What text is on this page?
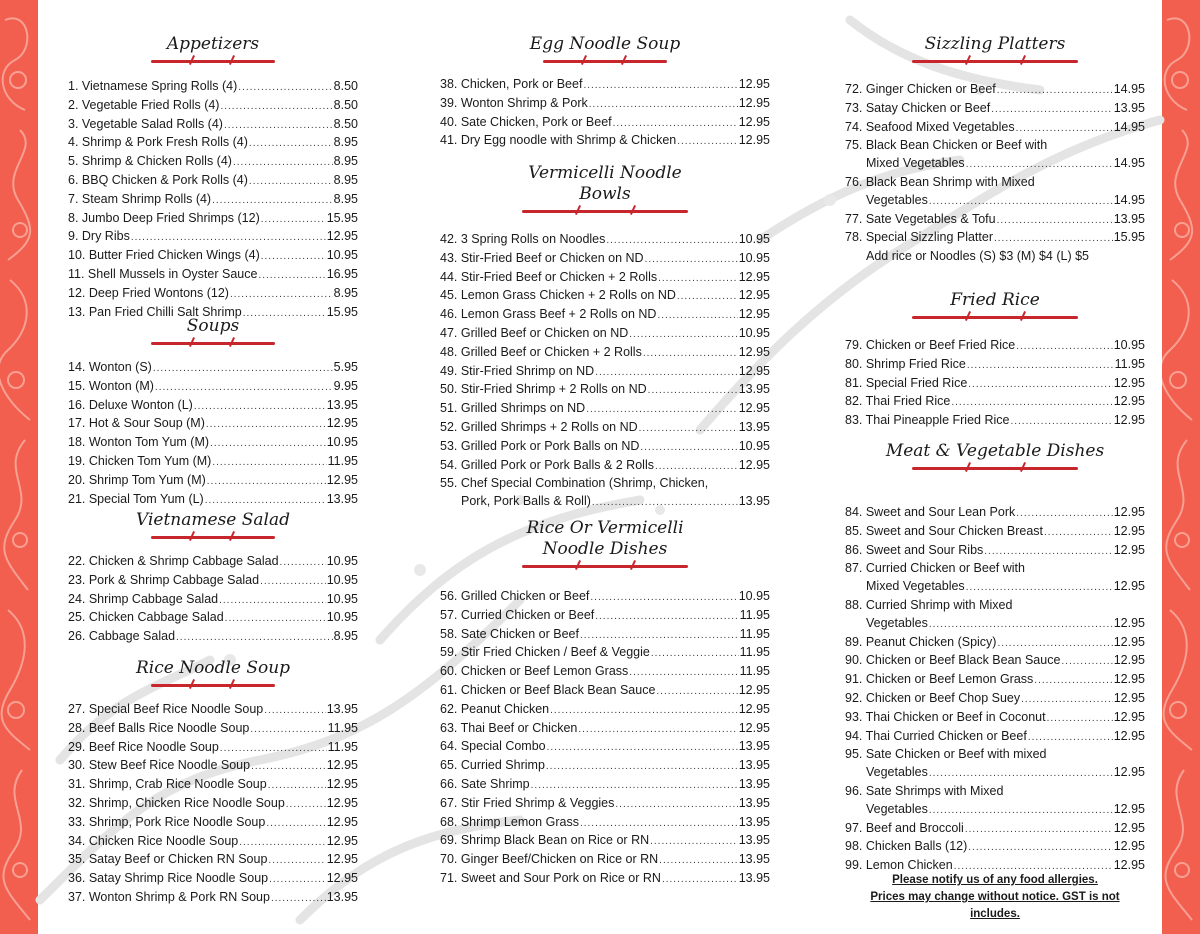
Appetizers
1. Vietnamese Spring Rolls (4) .....	8.50
2. Vegetable Fried Rolls (4) .....	8.50
3. Vegetable Salad Rolls (4) .....	8.50
4. Shrimp & Pork Fresh Rolls (4) .....	8.95
5. Shrimp & Chicken Rolls (4) .....	8.95
6. BBQ Chicken & Pork Rolls (4) .....	8.95
7. Steam Shrimp Rolls (4) .....	8.95
8. Jumbo Deep Fried Shrimps (12) .....	15.95
9. Dry Ribs .....	12.95
10. Butter Fried Chicken Wings (4) .....	10.95
11. Shell Mussels in Oyster Sauce .....	16.95
12. Deep Fried Wontons (12) .....	8.95
13. Pan Fried Chilli Salt Shrimp .....	15.95
Soups
14. Wonton (S) .....	5.95
15. Wonton (M) .....	9.95
16. Deluxe Wonton (L) .....	13.95
17. Hot & Sour Soup (M) .....	12.95
18. Wonton Tom Yum (M) .....	10.95
19. Chicken Tom Yum (M) .....	11.95
20. Shrimp Tom Yum (M) .....	12.95
21. Special Tom Yum (L) .....	13.95
Vietnamese Salad
22. Chicken & Shrimp Cabbage Salad .....	10.95
23. Pork & Shrimp Cabbage Salad .....	10.95
24. Shrimp Cabbage Salad .....	10.95
25. Chicken Cabbage Salad .....	10.95
26. Cabbage Salad .....	8.95
Rice Noodle Soup
27. Special Beef Rice Noodle Soup .....	13.95
28. Beef Balls Rice Noodle Soup .....	11.95
29. Beef Rice Noodle Soup .....	11.95
30. Stew Beef Rice Noodle Soup .....	12.95
31. Shrimp, Crab Rice Noodle Soup .....	12.95
32. Shrimp, Chicken Rice Noodle Soup .....	12.95
33. Shrimp, Pork Rice Noodle Soup .....	12.95
34. Chicken Rice Noodle Soup .....	12.95
35. Satay Beef or Chicken RN Soup .....	12.95
36. Satay Shrimp Rice Noodle Soup .....	12.95
37. Wonton Shrimp & Pork RN Soup .....	13.95
Egg Noodle Soup
38. Chicken, Pork or Beef .....	12.95
39. Wonton Shrimp & Pork .....	12.95
40. Sate Chicken, Pork or Beef .....	12.95
41. Dry Egg noodle with Shrimp & Chicken .....	12.95
Vermicelli Noodle
Bowls
42. 3 Spring Rolls on Noodles .....	10.95
43. Stir-Fried Beef or Chicken on ND .....	10.95
44. Stir-Fried Beef or Chicken + 2 Rolls .....	12.95
45. Lemon Grass Chicken + 2 Rolls on ND .....	12.95
46. Lemon Grass Beef + 2 Rolls on ND .....	12.95
47. Grilled Beef or Chicken on ND .....	10.95
48. Grilled Beef or Chicken + 2 Rolls .....	12.95
49. Stir-Fried Shrimp on ND .....	12.95
50. Stir-Fried Shrimp + 2 Rolls on ND .....	13.95
51. Grilled Shrimps on ND .....	12.95
52. Grilled Shrimps + 2 Rolls on ND .....	13.95
53. Grilled Pork or Pork Balls on ND .....	10.95
54. Grilled Pork or Pork Balls & 2 Rolls .....	12.95
55. Chef Special Combination (Shrimp, Chicken,
Pork, Pork Balls & Roll) .....	13.95
Rice Or Vermicelli
Noodle Dishes
56. Grilled Chicken or Beef .....	10.95
57. Curried Chicken or Beef .....	11.95
58. Sate Chicken or Beef .....	11.95
59. Stir Fried Chicken / Beef & Veggie .....	11.95
60. Chicken or Beef Lemon Grass .....	11.95
61. Chicken or Beef Black Bean Sauce .....	12.95
62. Peanut Chicken .....	12.95
63. Thai Beef or Chicken .....	12.95
64. Special Combo .....	13.95
65. Curried Shrimp .....	13.95
66. Sate Shrimp .....	13.95
67. Stir Fried Shrimp & Veggies .....	13.95
68. Shrimp Lemon Grass .....	13.95
69. Shrimp Black Bean on Rice or RN .....	13.95
70. Ginger Beef/Chicken on Rice or RN .....	13.95
71. Sweet and Sour Pork on Rice or RN .....	13.95
Sizzling Platters
72. Ginger Chicken or Beef .....	14.95
73. Satay Chicken or Beef .....	13.95
74. Seafood Mixed Vegetables .....	14.95
75. Black Bean Chicken or Beef with
Mixed Vegetables .....	14.95
76. Black Bean Shrimp with Mixed
Vegetables .....	14.95
77. Sate Vegetables & Tofu .....	13.95
78. Special Sizzling Platter .....	15.95
Add rice or Noodles (S) $3 (M) $4 (L) $5
Fried Rice
79. Chicken or Beef Fried Rice .....	10.95
80. Shrimp Fried Rice .....	11.95
81. Special Fried Rice .....	12.95
82. Thai Fried Rice .....	12.95
83. Thai Pineapple Fried Rice .....	12.95
Meat & Vegetable Dishes
84. Sweet and Sour Lean Pork .....	12.95
85. Sweet and Sour Chicken Breast .....	12.95
86. Sweet and Sour Ribs .....	12.95
87. Curried Chicken or Beef with
Mixed Vegetables .....	12.95
88. Curried Shrimp with Mixed
Vegetables .....	12.95
89. Peanut Chicken (Spicy) .....	12.95
90. Chicken or Beef Black Bean Sauce .....	12.95
91. Chicken or Beef Lemon Grass .....	12.95
92. Chicken or Beef Chop Suey .....	12.95
93. Thai Chicken or Beef in Coconut .....	12.95
94. Thai Curried Chicken or Beef .....	12.95
95. Sate Chicken or Beef with mixed
Vegetables .....	12.95
96. Sate Shrimps with Mixed
Vegetables .....	12.95
97. Beef and Broccoli .....	12.95
98. Chicken Balls (12) .....	12.95
99. Lemon Chicken .....	12.95
Please notify us of any food allergies.
Prices may change without notice. GST is not includes.
